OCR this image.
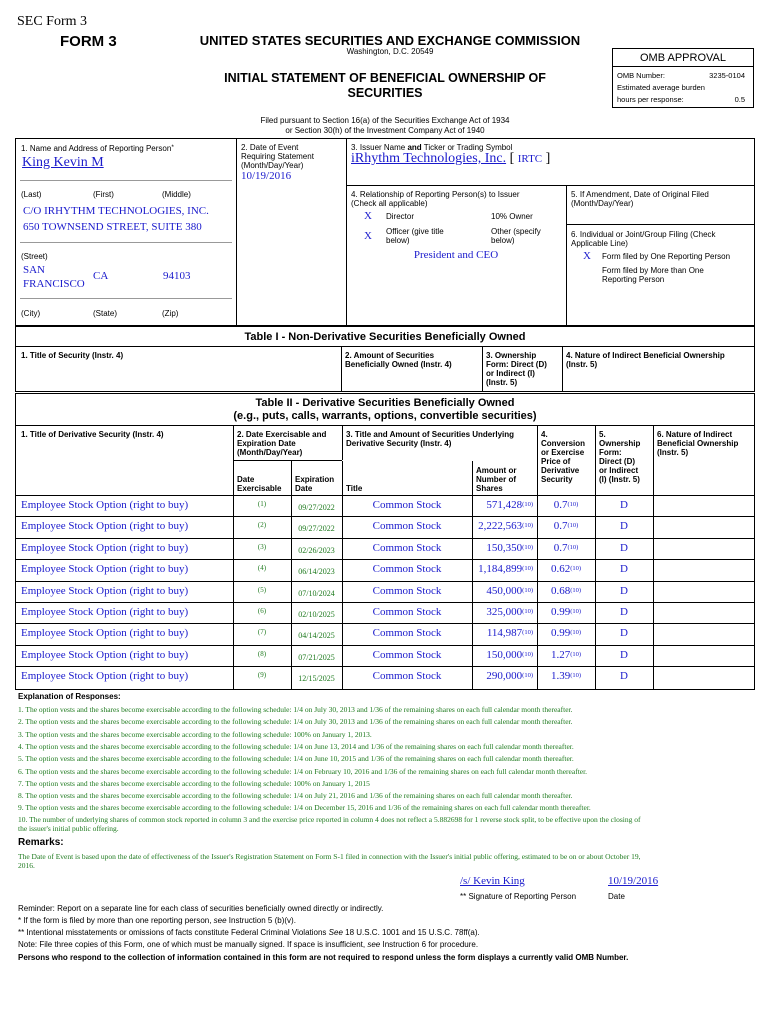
SEC Form 3
FORM 3	UNITED STATES SECURITIES AND EXCHANGE COMMISSION
Washington, D.C. 20549
INITIAL STATEMENT OF BENEFICIAL OWNERSHIP OF
SECURITIES
Filed pursuant to Section 16(a) of the Securities Exchange Act of 1934
or Section 30(h) of the Investment Company Act of 1940
OMB APPROVAL
OMB Number:	3235-0104
Estimated average burden
hours per response:	0.5
1. Name and Address of Reporting Person*
King Kevin M
(Last)	(First)	(Middle)
C/O IRHYTHM TECHNOLOGIES, INC.
650 TOWNSEND STREET, SUITE 380
(Street)
SAN
FRANCISCO
CA	94103
(City)	(State)	(Zip)
2. Date of Event
Requiring Statement
(Month/Day/Year)
10/19/2016
3. Issuer Name and Ticker or Trading Symbol
iRhythm Technologies, Inc. [ IRTC ]
4. Relationship of Reporting Person(s) to Issuer
(Check all applicable)
X Director	10% Owner
X Officer (give title
below)
Other (specify
below)
President and CEO
5. If Amendment, Date of Original Filed
(Month/Day/Year)
6. Individual or Joint/Group Filing (Check
Applicable Line)
X Form filed by One Reporting Person
Form filed by More than One
Reporting Person
Table I - Non-Derivative Securities Beneficially Owned
1. Title of Security (Instr. 4)	2. Amount of Securities
Beneficially Owned (Instr. 4)
3. Ownership
Form: Direct (D)
or Indirect (I)
(Instr. 5)
4. Nature of Indirect Beneficial Ownership
(Instr. 5)
Table II - Derivative Securities Beneficially Owned
(e.g., puts, calls, warrants, options, convertible securities)
1. Title of Derivative Security (Instr. 4)	2. Date Exercisable and
Expiration Date
(Month/Day/Year)
3. Title and Amount of Securities Underlying
Derivative Security (Instr. 4)
4.
Conversion
or Exercise
Price of
Derivative
Security
5.
Ownership
Form:
Direct (D)
or Indirect
(I) (Instr. 5)
6. Nature of Indirect
Beneficial Ownership
(Instr. 5)
Date
Exercisable
Expiration
Date	Title
Amount or
Number of
Shares
Employee Stock Option (right to buy)	(1)	09/27/2022	Common Stock	571,428$^{(10)}$	0.7$^{(10)}$	D
Employee Stock Option (right to buy)	(2)	09/27/2022	Common Stock	2,222,563$^{(10)}$	0.7$^{(10)}$	D
Employee Stock Option (right to buy)	(3)	02/26/2023	Common Stock	150,350$^{(10)}$	0.7$^{(10)}$	D
Employee Stock Option (right to buy)	(4)	06/14/2023	Common Stock	1,184,899$^{(10)}$	0.62$^{(10)}$	D
Employee Stock Option (right to buy)	(5)	07/10/2024	Common Stock	450,000$^{(10)}$	0.68$^{(10)}$	D
Employee Stock Option (right to buy)	(6)	02/10/2025	Common Stock	325,000$^{(10)}$	0.99$^{(10)}$	D
Employee Stock Option (right to buy)	(7)	04/14/2025	Common Stock	114,987$^{(10)}$	0.99$^{(10)}$	D
Employee Stock Option (right to buy)	(8)	07/21/2025	Common Stock	150,000$^{(10)}$	1.27$^{(10)}$	D
Employee Stock Option (right to buy)	(9)	12/15/2025	Common Stock	290,000$^{(10)}$	1.39$^{(10)}$	D
Explanation of Responses:
1. The option vests and the shares become exercisable according to the following schedule: 1/4 on July 30, 2013 and 1/36 of the remaining shares on each full calendar month thereafter.
2. The option vests and the shares become exercisable according to the following schedule: 1/4 on July 30, 2013 and 1/36 of the remaining shares on each full calendar month thereafter.
3. The option vests and the shares become exercisable according to the following schedule: 100% on January 1, 2013.
4. The option vests and the shares become exercisable according to the following schedule: 1/4 on June 13, 2014 and 1/36 of the remaining shares on each full calendar month thereafter.
5. The option vests and the shares become exercisable according to the following schedule: 1/4 on June 10, 2015 and 1/36 of the remaining shares on each full calendar month thereafter.
6. The option vests and the shares become exercisable according to the following schedule: 1/4 on February 10, 2016 and 1/36 of the remaining shares on each full calendar month thereafter.
7. The option vests and the shares become exercisable according to the following schedule: 100% on January 1, 2015
8. The option vests and the shares become exercisable according to the following schedule: 1/4 on July 21, 2016 and 1/36 of the remaining shares on each full calendar month thereafter.
9. The option vests and the shares become exercisable according to the following schedule: 1/4 on December 15, 2016 and 1/36 of the remaining shares on each full calendar month thereafter.
10. The number of underlying shares of common stock reported in column 3 and the exercise price reported in column 4 does not reflect a 5.882698 for 1 reverse stock split, to be effective upon the closing of
the issuer's initial public offering.
Remarks:
The Date of Event is based upon the date of effectiveness of the Issuer's Registration Statement on Form S-1 filed in connection with the Issuer's initial public offering, estimated to be on or about October 19,
2016.
/s/ Kevin King	10/19/2016
** Signature of Reporting Person	Date
Reminder: Report on a separate line for each class of securities beneficially owned directly or indirectly.
* If the form is filed by more than one reporting person, see Instruction 5 (b)(v).
** Intentional misstatements or omissions of facts constitute Federal Criminal Violations See 18 U.S.C. 1001 and 15 U.S.C. 78ff(a).
Note: File three copies of this Form, one of which must be manually signed. If space is insufficient, see Instruction 6 for procedure.
Persons who respond to the collection of information contained in this form are not required to respond unless the form displays a currently valid OMB Number.
